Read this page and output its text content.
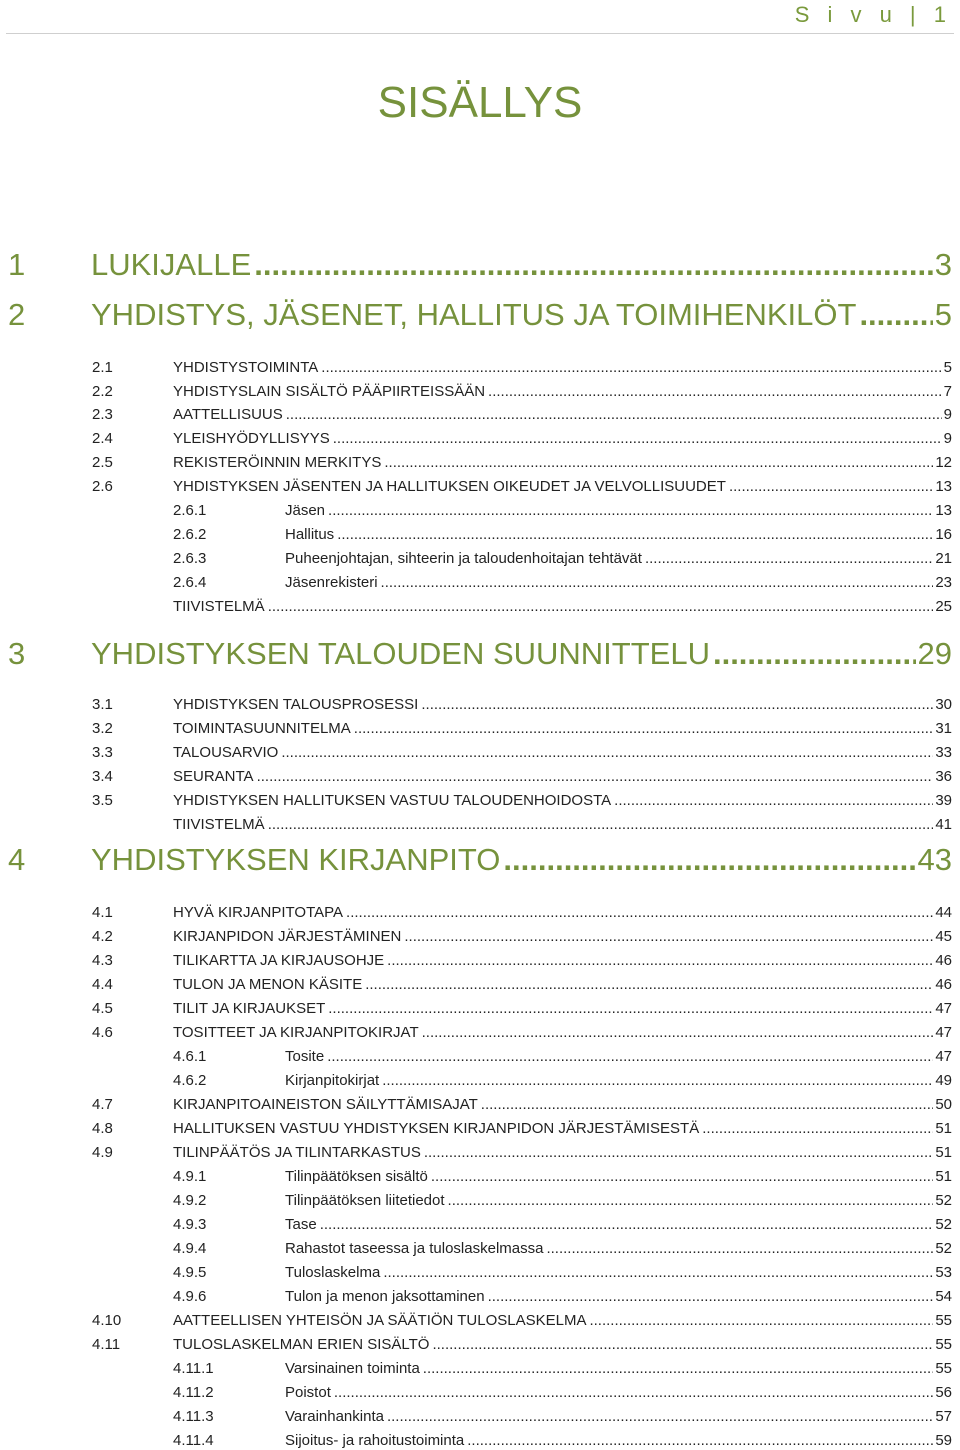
S i v u | 1
SISÄLLYS
1 LUKIJALLE .....	3
2 YHDISTYS, JÄSENET, HALLITUS JA TOIMIHENKILÖT .....	5
2.1	YHDISTYSTOIMINTA .....	5
2.2	YHDISTYSLAIN SISÄLTÖ PÄÄPIIRTEISSÄÄN .....	7
2.3	AATTELLISUUS .....	9
2.4	YLEISHYÖDYLLISYYS .....	9
2.5	REKISTERÖINNIN MERKITYS .....	12
2.6	YHDISTYKSEN JÄSENTEN JA HALLITUKSEN OIKEUDET JA VELVOLLISUUDET .....	13
2.6.1	Jäsen .....	13
2.6.2	Hallitus .....	16
2.6.3	Puheenjohtajan, sihteerin ja taloudenhoitajan tehtävät .....	21
2.6.4	Jäsenrekisteri .....	23
TIIVISTELMÄ .....	25
3 YHDISTYKSEN TALOUDEN SUUNNITTELU .....	29
3.1	YHDISTYKSEN TALOUSPROSESSI .....	30
3.2	TOIMINTASUUNNITELMA .....	31
3.3	TALOUSARVIO .....	33
3.4	SEURANTA .....	36
3.5	YHDISTYKSEN HALLITUKSEN VASTUU TALOUDENHOIDOSTA .....	39
TIIVISTELMÄ .....	41
4 YHDISTYKSEN KIRJANPITO .....	43
4.1	HYVÄ KIRJANPITOTAPA .....	44
4.2	KIRJANPIDON JÄRJESTÄMINEN .....	45
4.3	TILIKARTTA JA KIRJAUSOHJE .....	46
4.4	TULON JA MENON KÄSITE .....	46
4.5	TILIT JA KIRJAUKSET .....	47
4.6	TOSITTEET JA KIRJANPITOKIRJAT .....	47
4.6.1	Tosite .....	47
4.6.2	Kirjanpitokirjat .....	49
4.7	KIRJANPITOAINEISTON SÄILYTTÄMISAJAT .....	50
4.8	HALLITUKSEN VASTUU YHDISTYKSEN KIRJANPIDON JÄRJESTÄMISESTÄ .....	51
4.9	TILINPÄÄTÖS JA TILINTARKASTUS .....	51
4.9.1	Tilinpäätöksen sisältö .....	51
4.9.2	Tilinpäätöksen liitetiedot .....	52
4.9.3	Tase .....	52
4.9.4	Rahastot taseessa ja tuloslaskelmassa .....	52
4.9.5	Tuloslaskelma .....	53
4.9.6	Tulon ja menon jaksottaminen .....	54
4.10	AATTEELLISEN YHTEISÖN JA SÄÄTIÖN TULOSLASKELMA .....	55
4.11	TULOSLASKELMAN ERIEN SISÄLTÖ .....	55
4.11.1	Varsinainen toiminta .....	55
4.11.2	Poistot .....	56
4.11.3	Varainhankinta .....	57
4.11.4	Sijoitus- ja rahoitustoiminta .....	59
